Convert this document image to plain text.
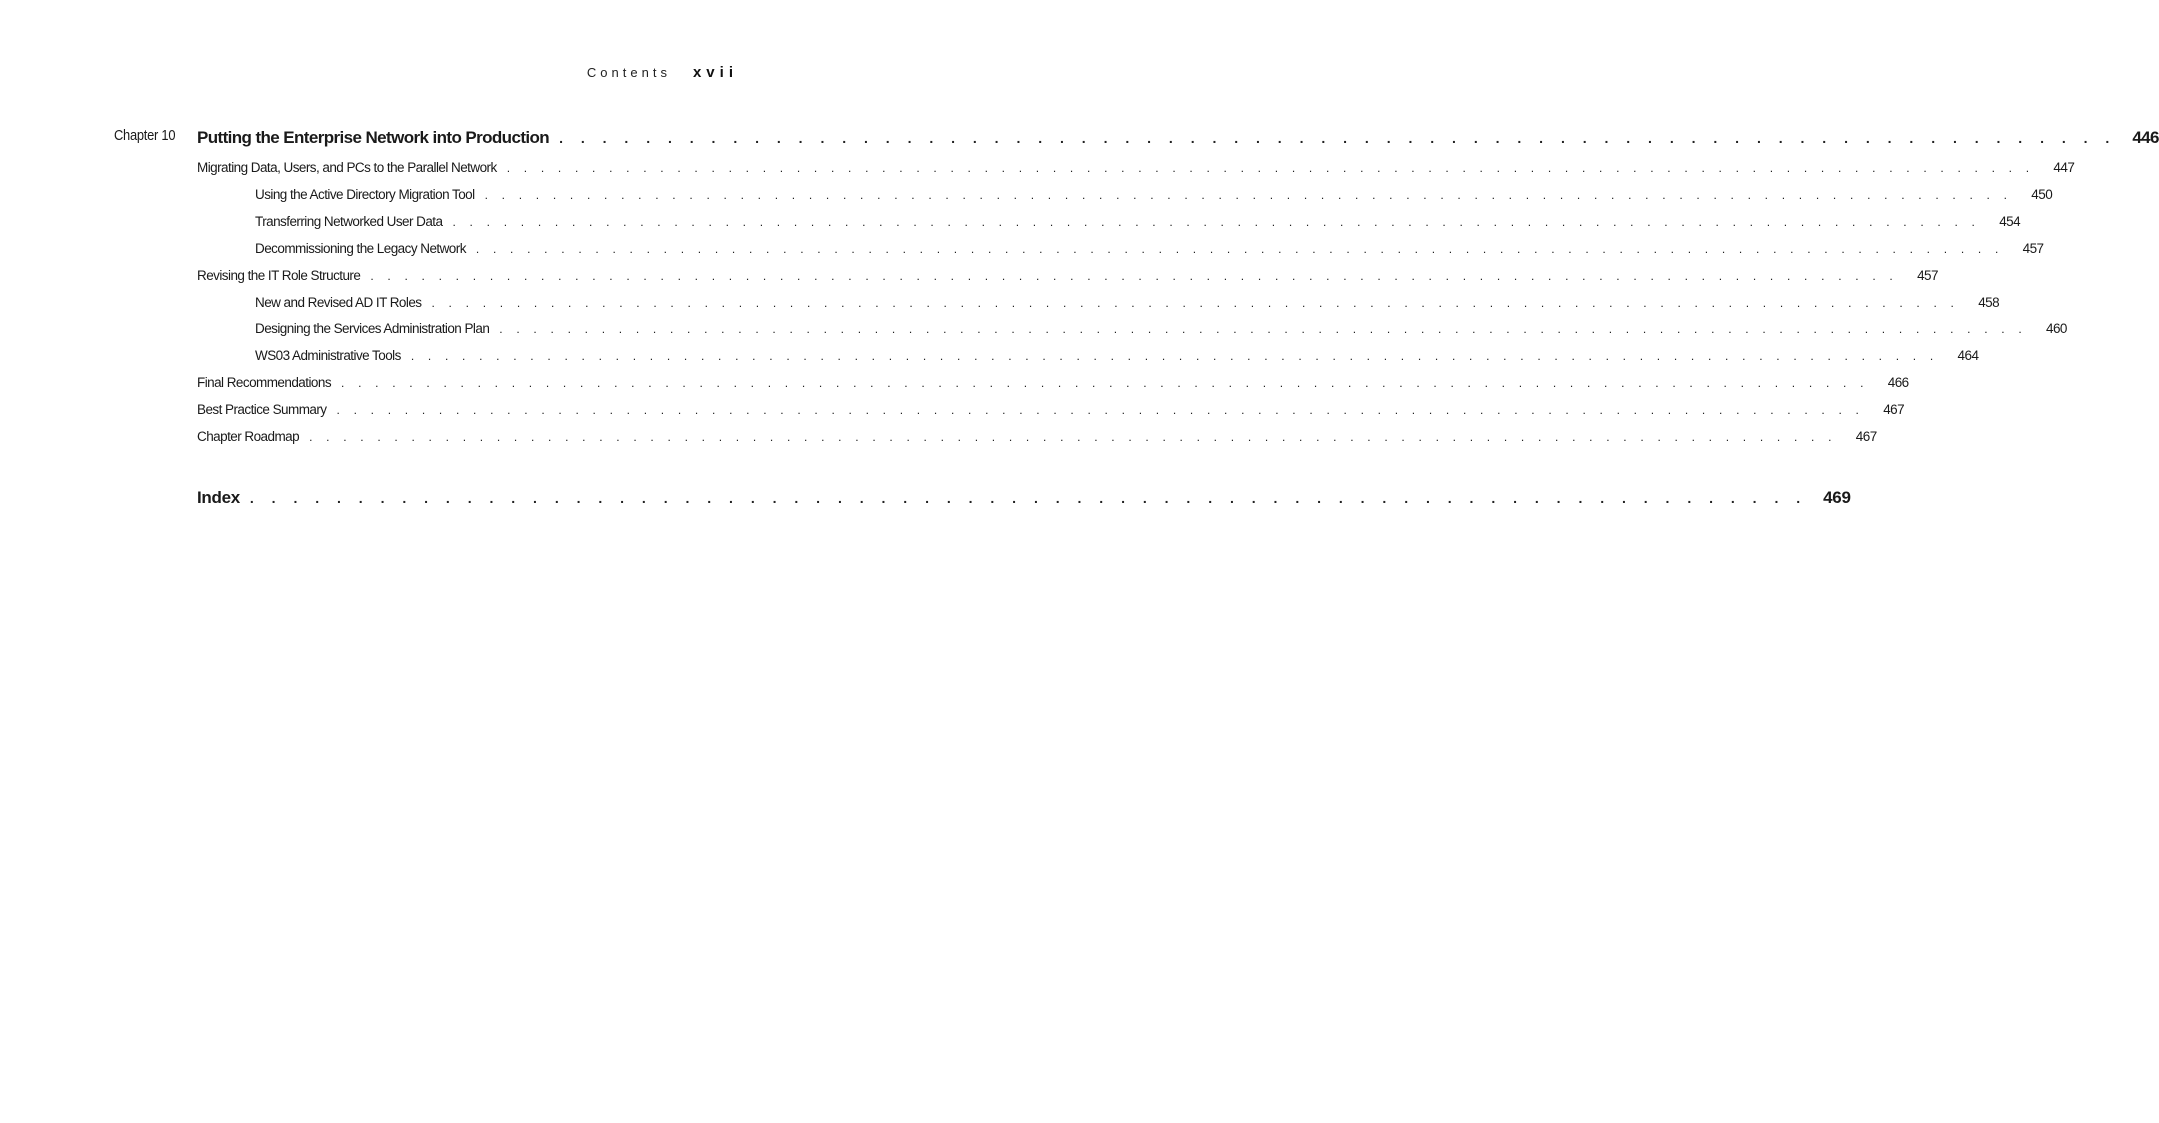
Contents xvii
Chapter 10 Putting the Enterprise Network into Production . . . . . . . . . . . . . . . . . . . . . . . . . . . . . . . . . . . . . . . . . . . . . . . . . . . . . . . . . . . . . . . . . . . . . . . . 446
Migrating Data, Users, and PCs to the Parallel Network . . . . . . . . . . . . . . . . . . . . . . . . . . . . . . . . . . . . . . . . . . . . . . . . . . . . . . . . . . . . . . . . . . . . . . . . . . . . . . . . . . . . . . . . . . 447
Using the Active Directory Migration Tool . . . . . . . . . . . . . . . . . . . . . . . . . . . . . . . . . . . . . . . . . . . . . . . . . . . . . . . . . . . . . . . . . . . . . . . . . . . . . . . . . . . . . . . . . . 450
Transferring Networked User Data . . . . . . . . . . . . . . . . . . . . . . . . . . . . . . . . . . . . . . . . . . . . . . . . . . . . . . . . . . . . . . . . . . . . . . . . . . . . . . . . . . . . . . . . . . 454
Decommissioning the Legacy Network . . . . . . . . . . . . . . . . . . . . . . . . . . . . . . . . . . . . . . . . . . . . . . . . . . . . . . . . . . . . . . . . . . . . . . . . . . . . . . . . . . . . . . . . . . 457
Revising the IT Role Structure . . . . . . . . . . . . . . . . . . . . . . . . . . . . . . . . . . . . . . . . . . . . . . . . . . . . . . . . . . . . . . . . . . . . . . . . . . . . . . . . . . . . . . . . . . 457
New and Revised AD IT Roles . . . . . . . . . . . . . . . . . . . . . . . . . . . . . . . . . . . . . . . . . . . . . . . . . . . . . . . . . . . . . . . . . . . . . . . . . . . . . . . . . . . . . . . . . . 458
Designing the Services Administration Plan . . . . . . . . . . . . . . . . . . . . . . . . . . . . . . . . . . . . . . . . . . . . . . . . . . . . . . . . . . . . . . . . . . . . . . . . . . . . . . . . . . . . . . . . . . 460
WS03 Administrative Tools . . . . . . . . . . . . . . . . . . . . . . . . . . . . . . . . . . . . . . . . . . . . . . . . . . . . . . . . . . . . . . . . . . . . . . . . . . . . . . . . . . . . . . . . . . 464
Final Recommendations . . . . . . . . . . . . . . . . . . . . . . . . . . . . . . . . . . . . . . . . . . . . . . . . . . . . . . . . . . . . . . . . . . . . . . . . . . . . . . . . . . . . . . . . . . 466
Best Practice Summary . . . . . . . . . . . . . . . . . . . . . . . . . . . . . . . . . . . . . . . . . . . . . . . . . . . . . . . . . . . . . . . . . . . . . . . . . . . . . . . . . . . . . . . . . . 467
Chapter Roadmap . . . . . . . . . . . . . . . . . . . . . . . . . . . . . . . . . . . . . . . . . . . . . . . . . . . . . . . . . . . . . . . . . . . . . . . . . . . . . . . . . . . . . . . . . . 467
Index . . . . . . . . . . . . . . . . . . . . . . . . . . . . . . . . . . . . . . . . . . . . . . . . . . . . . . . . . . . . . . . . . . . . . . . . 469
